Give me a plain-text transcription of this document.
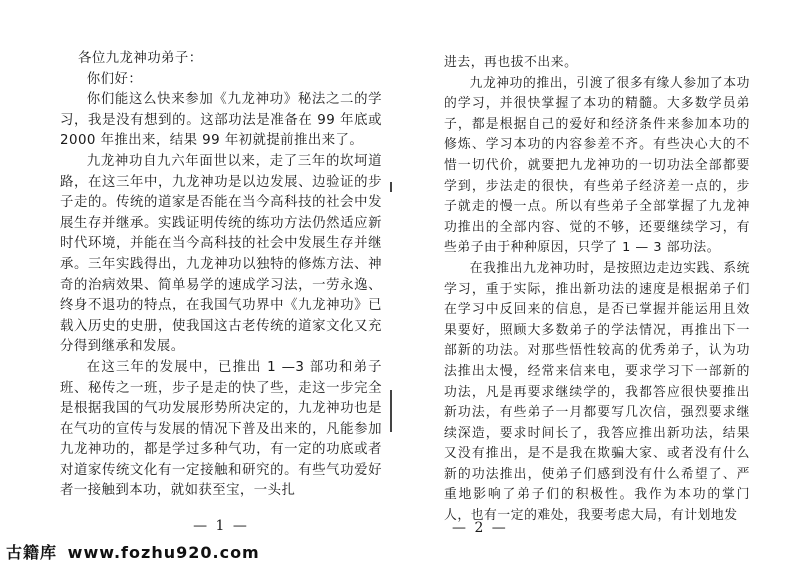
各位九龙神功弟子：

你们好：

你们能这么快来参加《九龙神功》秘法之二的学习，我是没有想到的。这部功法是准备在 99 年底或 2000 年推出来，结果 99 年初就提前推出来了。

九龙神功自九六年面世以来，走了三年的坎坷道路，在这三年中，九龙神功是以边发展、边验证的步子走的。传统的道家是否能在当今高科技的社会中发展生存并继承。实践证明传统的练功方法仍然适应新时代环境，并能在当今高科技的社会中发展生存并继承。三年实践得出，九龙神功以独特的修炼方法、神奇的治病效果、简单易学的速成学习法，一劳永逸、终身不退功的特点，在我国气功界中《九龙神功》已载入历史的史册，使我国这古老传统的道家文化又充分得到继承和发展。

在这三年的发展中，已推出 1 —3 部功和弟子班、秘传之一班，步子是走的快了些，走这一步完全是根据我国的气功发展形势所决定的，九龙神功也是在气功的宣传与发展的情况下普及出来的，凡能参加九龙神功的，都是学过多种气功，有一定的功底或者对道家传统文化有一定接触和研究的。有些气功爱好者一接触到本功，就如获至宝，一头扎

— 1 —

进去，再也拔不出来。

九龙神功的推出，引渡了很多有缘人参加了本功的学习，并很快掌握了本功的精髓。大多数学员弟子，都是根据自己的爱好和经济条件来参加本功的修炼、学习本功的内容参差不齐。有些决心大的不惜一切代价，就要把九龙神功的一切功法全部都要学到，步法走的很快，有些弟子经济差一点的，步子就走的慢一点。所以有些弟子全部掌握了九龙神功推出的全部内容、觉的不够，还要继续学习，有些弟子由于种种原因，只学了 1 — 3 部功法。

在我推出九龙神功时，是按照边走边实践、系统学习，重于实际，推出新功法的速度是根据弟子们在学习中反回来的信息，是否已掌握并能运用且效果要好，照顾大多数弟子的学法情况，再推出下一部新的功法。对那些悟性较高的优秀弟子，认为功法推出太慢，经常来信来电，要求学习下一部新的功法，凡是再要求继续学的，我都答应很快要推出新功法，有些弟子一月都要写几次信，强烈要求继续深造，要求时间长了，我答应推出新功法，结果又没有推出，是不是我在欺骗大家、或者没有什么新的功法推出，使弟子们感到没有什么希望了、严重地影响了弟子们的积极性。我作为本功的掌门人，也有一定的难处，我要考虑大局，有计划地发

— 2 —
古籍库 www.fozhu920.com
